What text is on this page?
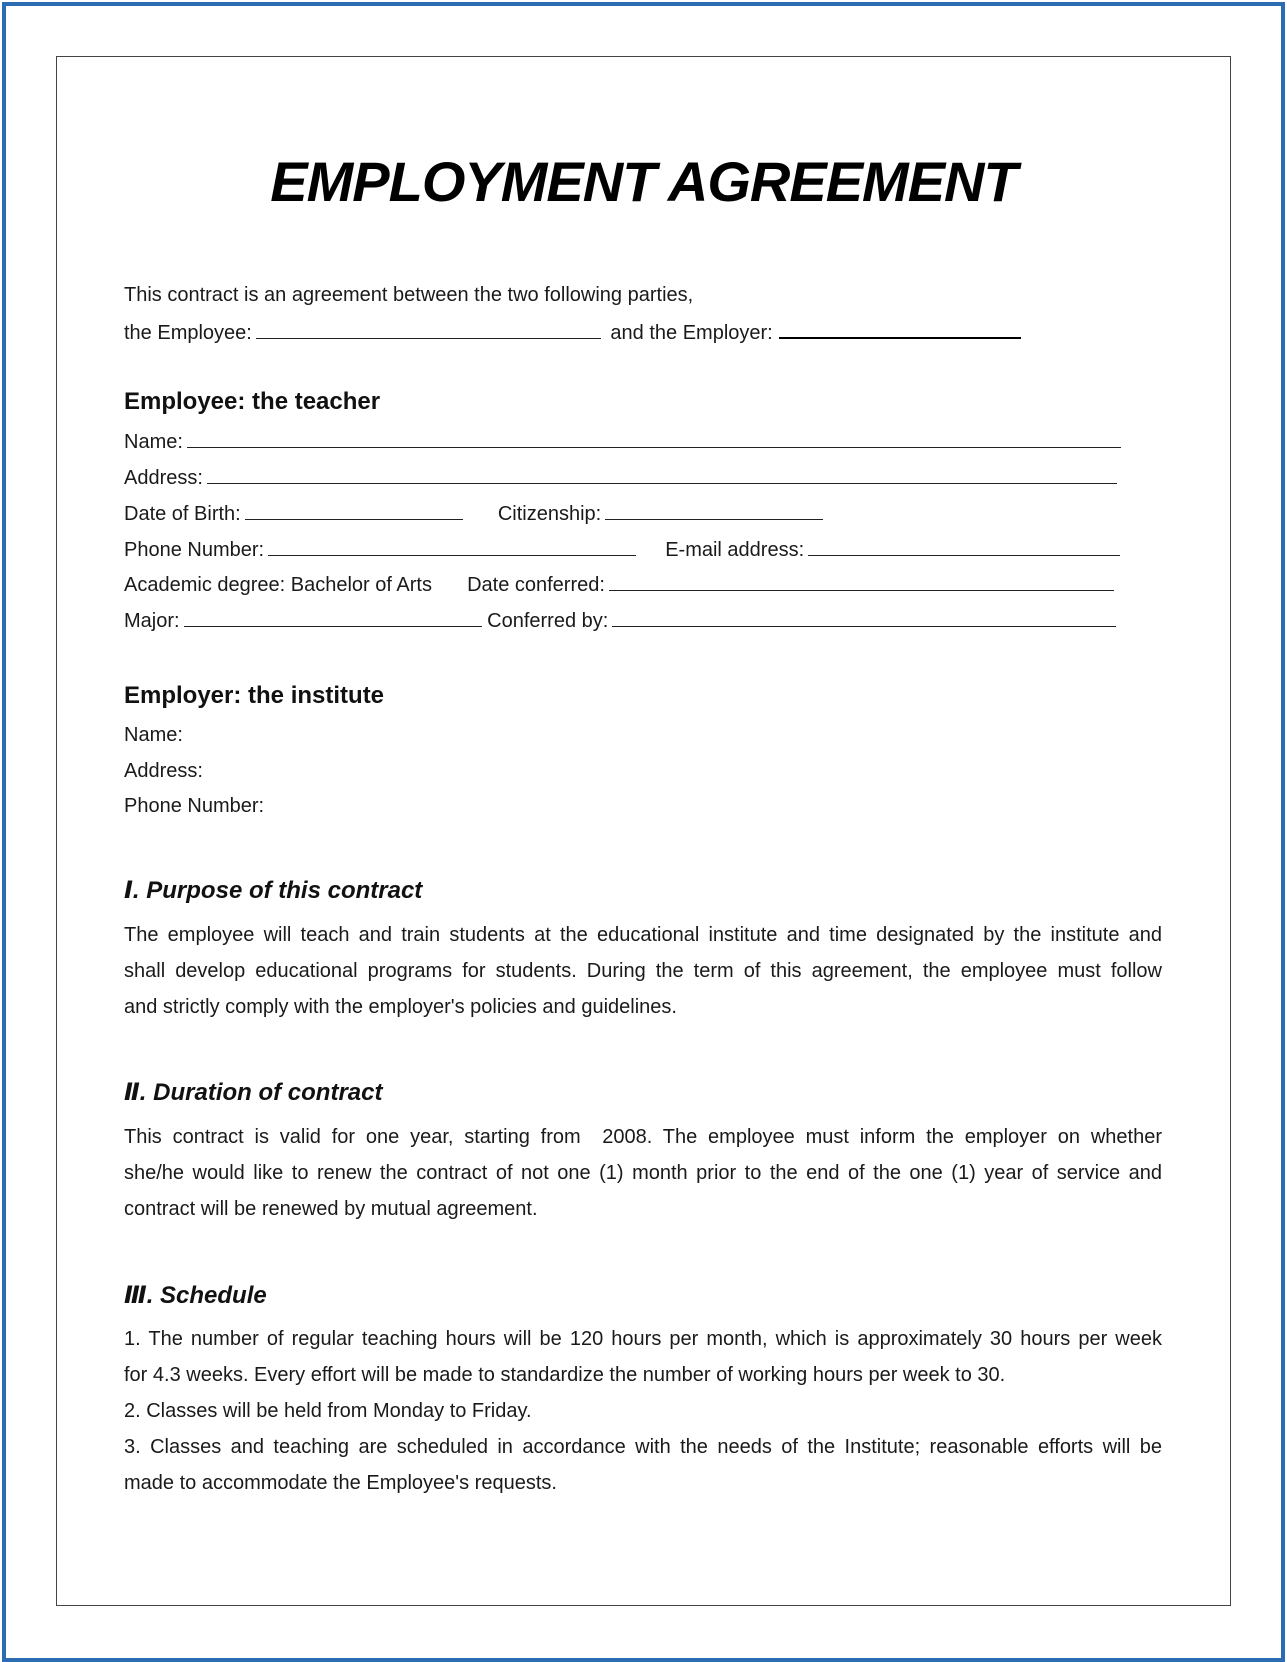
EMPLOYMENT AGREEMENT
This contract is an agreement between the two following parties,
the Employee:	and the Employer:
Employee: the teacher
Name:
Address:
Date of Birth:	Citizenship:
Phone Number:	E-mail address:
Academic degree: Bachelor of Arts Date conferred:
Major:	Conferred by:
Employer: the institute
Name:
Address:
Phone Number:
Ⅰ. Purpose of this contract
The employee will teach and train students at the educational institute and time designated by the institute and
shall develop educational programs for students. During the term of this agreement, the employee must follow
and strictly comply with the employer's policies and guidelines.
Ⅱ. Duration of contract
This contract is valid for one year, starting from  2008. The employee must inform the employer on whether
she/he would like to renew the contract of not one (1) month prior to the end of the one (1) year of service and
contract will be renewed by mutual agreement.
Ⅲ. Schedule
1. The number of regular teaching hours will be 120 hours per month, which is approximately 30 hours per week
for 4.3 weeks. Every effort will be made to standardize the number of working hours per week to 30.
2. Classes will be held from Monday to Friday.
3. Classes and teaching are scheduled in accordance with the needs of the Institute; reasonable efforts will be
made to accommodate the Employee's requests.
